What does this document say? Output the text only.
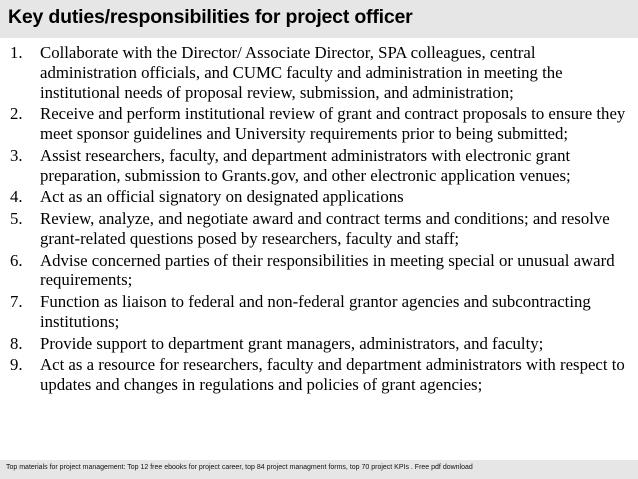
Key duties/responsibilities for project officer
1.	Collaborate with the Director/ Associate Director, SPA colleagues, central administration officials, and CUMC faculty and administration in meeting the institutional needs of proposal review, submission, and administration;
2.	Receive and perform institutional review of grant and contract proposals to ensure they meet sponsor guidelines and University requirements prior to being submitted;
3.	Assist researchers, faculty, and department administrators with electronic grant preparation, submission to Grants.gov, and other electronic application venues;
4.	Act as an official signatory on designated applications
5.	Review, analyze, and negotiate award and contract terms and conditions; and resolve grant-related questions posed by researchers, faculty and staff;
6.	Advise concerned parties of their responsibilities in meeting special or unusual award requirements;
7.	Function as liaison to federal and non-federal grantor agencies and subcontracting institutions;
8.	Provide support to department grant managers, administrators, and faculty;
9.	Act as a resource for researchers, faculty and department administrators with respect to updates and changes in regulations and policies of grant agencies;
Top materials for project management: Top 12 free ebooks for project career, top 84 project managment forms, top 70 project KPIs . Free pdf download
